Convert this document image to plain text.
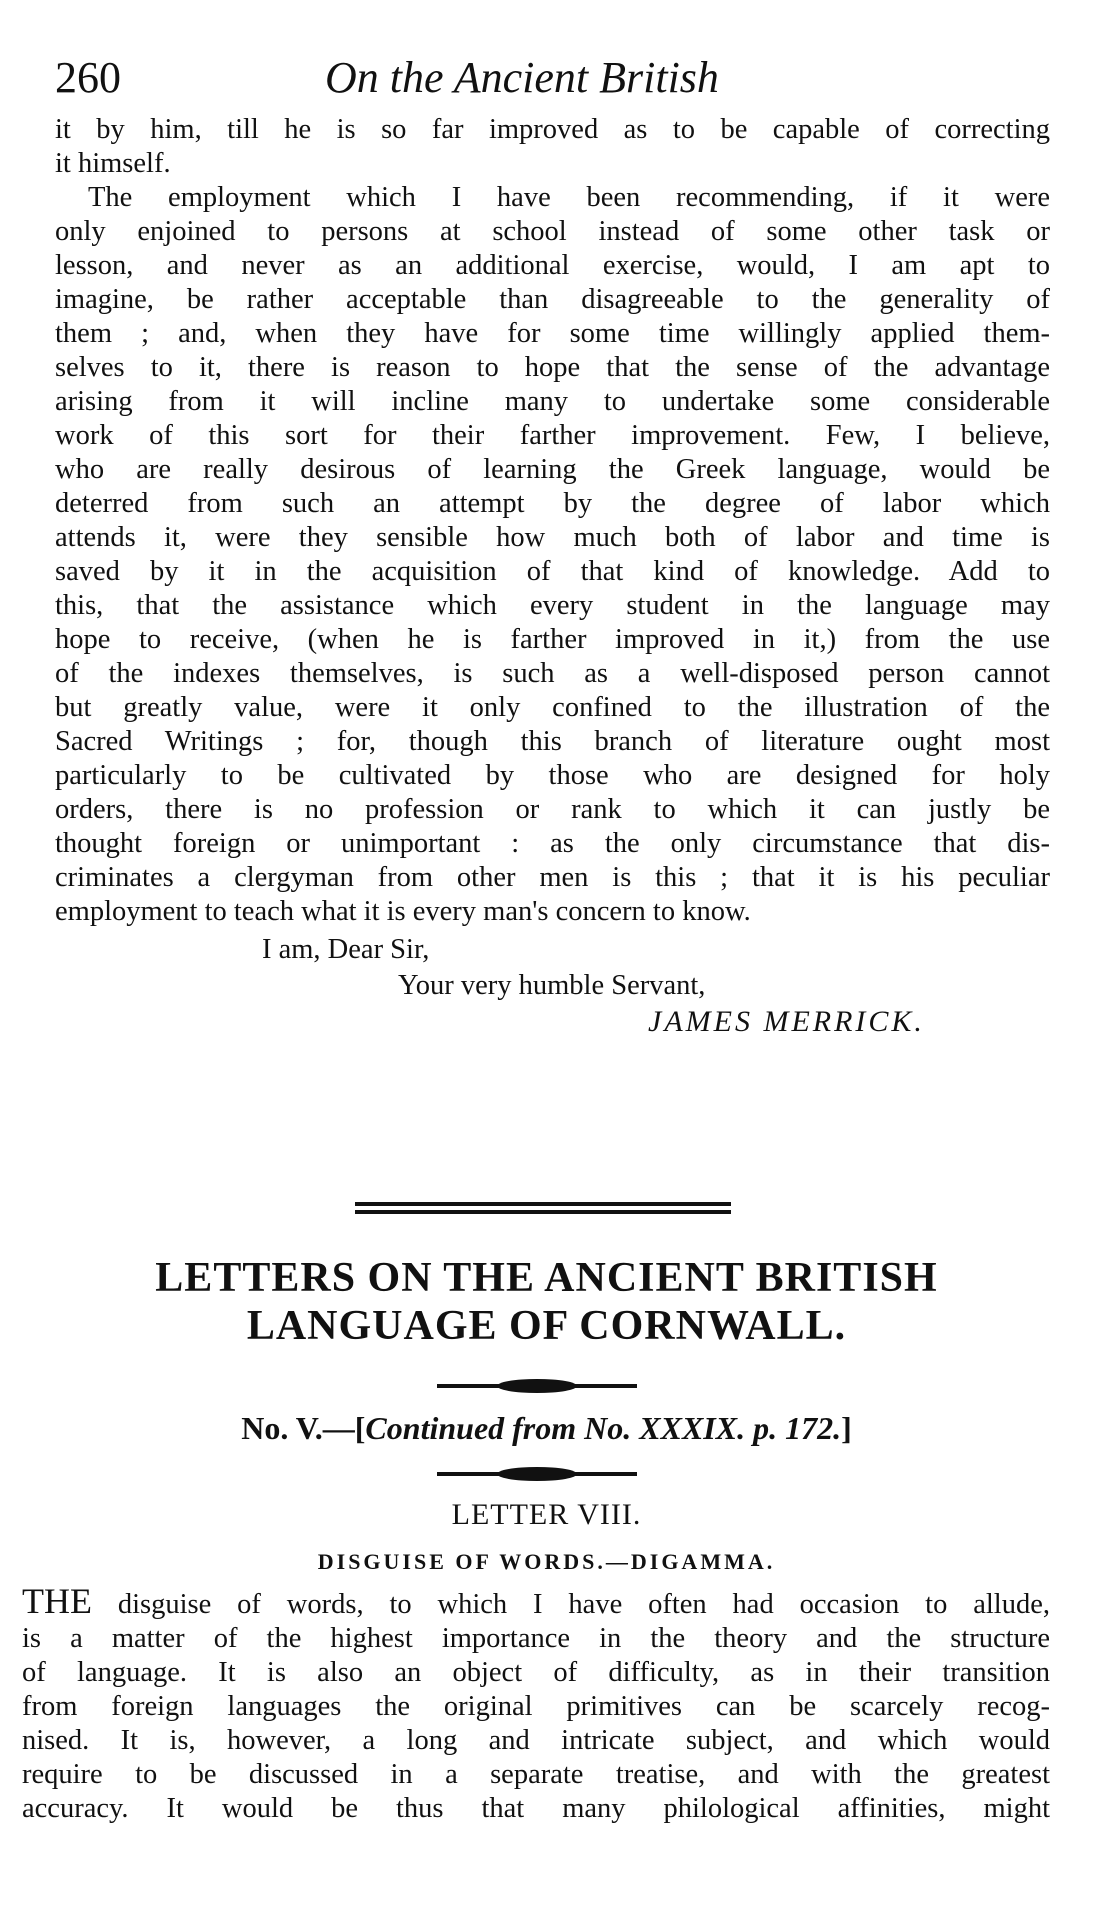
260	On the Ancient British
it by him, till he is so far improved as to be capable of correcting
it himself.
The employment which I have been recommending, if it were
only enjoined to persons at school instead of some other task or
lesson, and never as an additional exercise, would, I am apt to
imagine, be rather acceptable than disagreeable to the generality of
them ; and, when they have for some time willingly applied them-
selves to it, there is reason to hope that the sense of the advantage
arising from it will incline many to undertake some considerable
work of this sort for their farther improvement. Few, I believe,
who are really desirous of learning the Greek language, would be
deterred from such an attempt by the degree of labor which
attends it, were they sensible how much both of labor and time is
saved by it in the acquisition of that kind of knowledge. Add to
this, that the assistance which every student in the language may
hope to receive, (when he is farther improved in it,) from the use
of the indexes themselves, is such as a well-disposed person cannot
but greatly value, were it only confined to the illustration of the
Sacred Writings ; for, though this branch of literature ought most
particularly to be cultivated by those who are designed for holy
orders, there is no profession or rank to which it can justly be
thought foreign or unimportant : as the only circumstance that dis-
criminates a clergyman from other men is this ; that it is his peculiar
employment to teach what it is every man's concern to know.
I am, Dear Sir,
Your very humble Servant,
JAMES MERRICK.
LETTERS ON THE ANCIENT BRITISH
LANGUAGE OF CORNWALL.
No. V.—[Continued from No. XXXIX. p. 172.]
LETTER VIII.
DISGUISE OF WORDS.—DIGAMMA.
THE disguise of words, to which I have often had occasion to allude,
is a matter of the highest importance in the theory and the structure
of language. It is also an object of difficulty, as in their transition
from foreign languages the original primitives can be scarcely recog-
nised. It is, however, a long and intricate subject, and which would
require to be discussed in a separate treatise, and with the greatest
accuracy. It would be thus that many philological affinities, might
